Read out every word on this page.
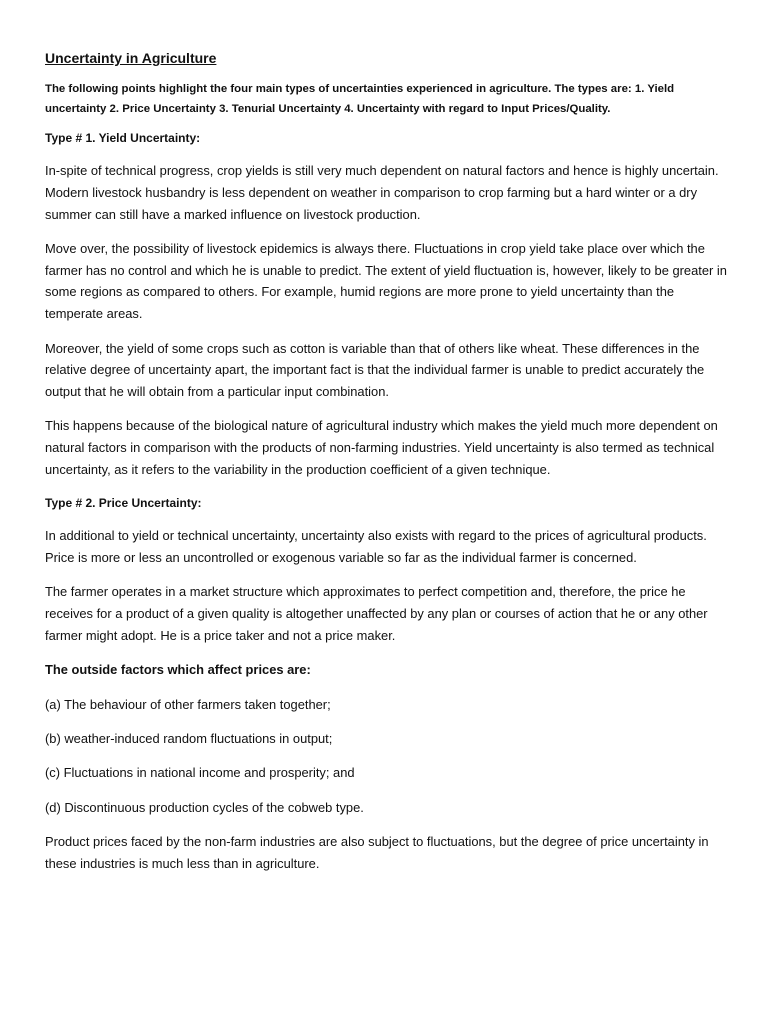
Uncertainty in Agriculture
The following points highlight the four main types of uncertainties experienced in agriculture. The types are: 1. Yield uncertainty 2. Price Uncertainty 3. Tenurial Uncertainty 4. Uncertainty with regard to Input Prices/Quality.
Type # 1. Yield Uncertainty:
In-spite of technical progress, crop yields is still very much dependent on natural factors and hence is highly uncertain. Modern livestock husbandry is less dependent on weather in comparison to crop farming but a hard winter or a dry summer can still have a marked influence on livestock production.
Move over, the possibility of livestock epidemics is always there. Fluctuations in crop yield take place over which the farmer has no control and which he is unable to predict. The extent of yield fluctuation is, however, likely to be greater in some regions as compared to others. For example, humid regions are more prone to yield uncertainty than the temperate areas.
Moreover, the yield of some crops such as cotton is variable than that of others like wheat. These differences in the relative degree of uncertainty apart, the important fact is that the individual farmer is unable to predict accurately the output that he will obtain from a particular input combination.
This happens because of the biological nature of agricultural industry which makes the yield much more dependent on natural factors in comparison with the products of non-farming industries. Yield uncertainty is also termed as technical uncertainty, as it refers to the variability in the production coefficient of a given technique.
Type # 2. Price Uncertainty:
In additional to yield or technical uncertainty, uncertainty also exists with regard to the prices of agricultural products. Price is more or less an uncontrolled or exogenous variable so far as the individual farmer is concerned.
The farmer operates in a market structure which approximates to perfect competition and, therefore, the price he receives for a product of a given quality is altogether unaffected by any plan or courses of action that he or any other farmer might adopt. He is a price taker and not a price maker.
The outside factors which affect prices are:
(a) The behaviour of other farmers taken together;
(b) weather-induced random fluctuations in output;
(c) Fluctuations in national income and prosperity; and
(d) Discontinuous production cycles of the cobweb type.
Product prices faced by the non-farm industries are also subject to fluctuations, but the degree of price uncertainty in these industries is much less than in agriculture.
